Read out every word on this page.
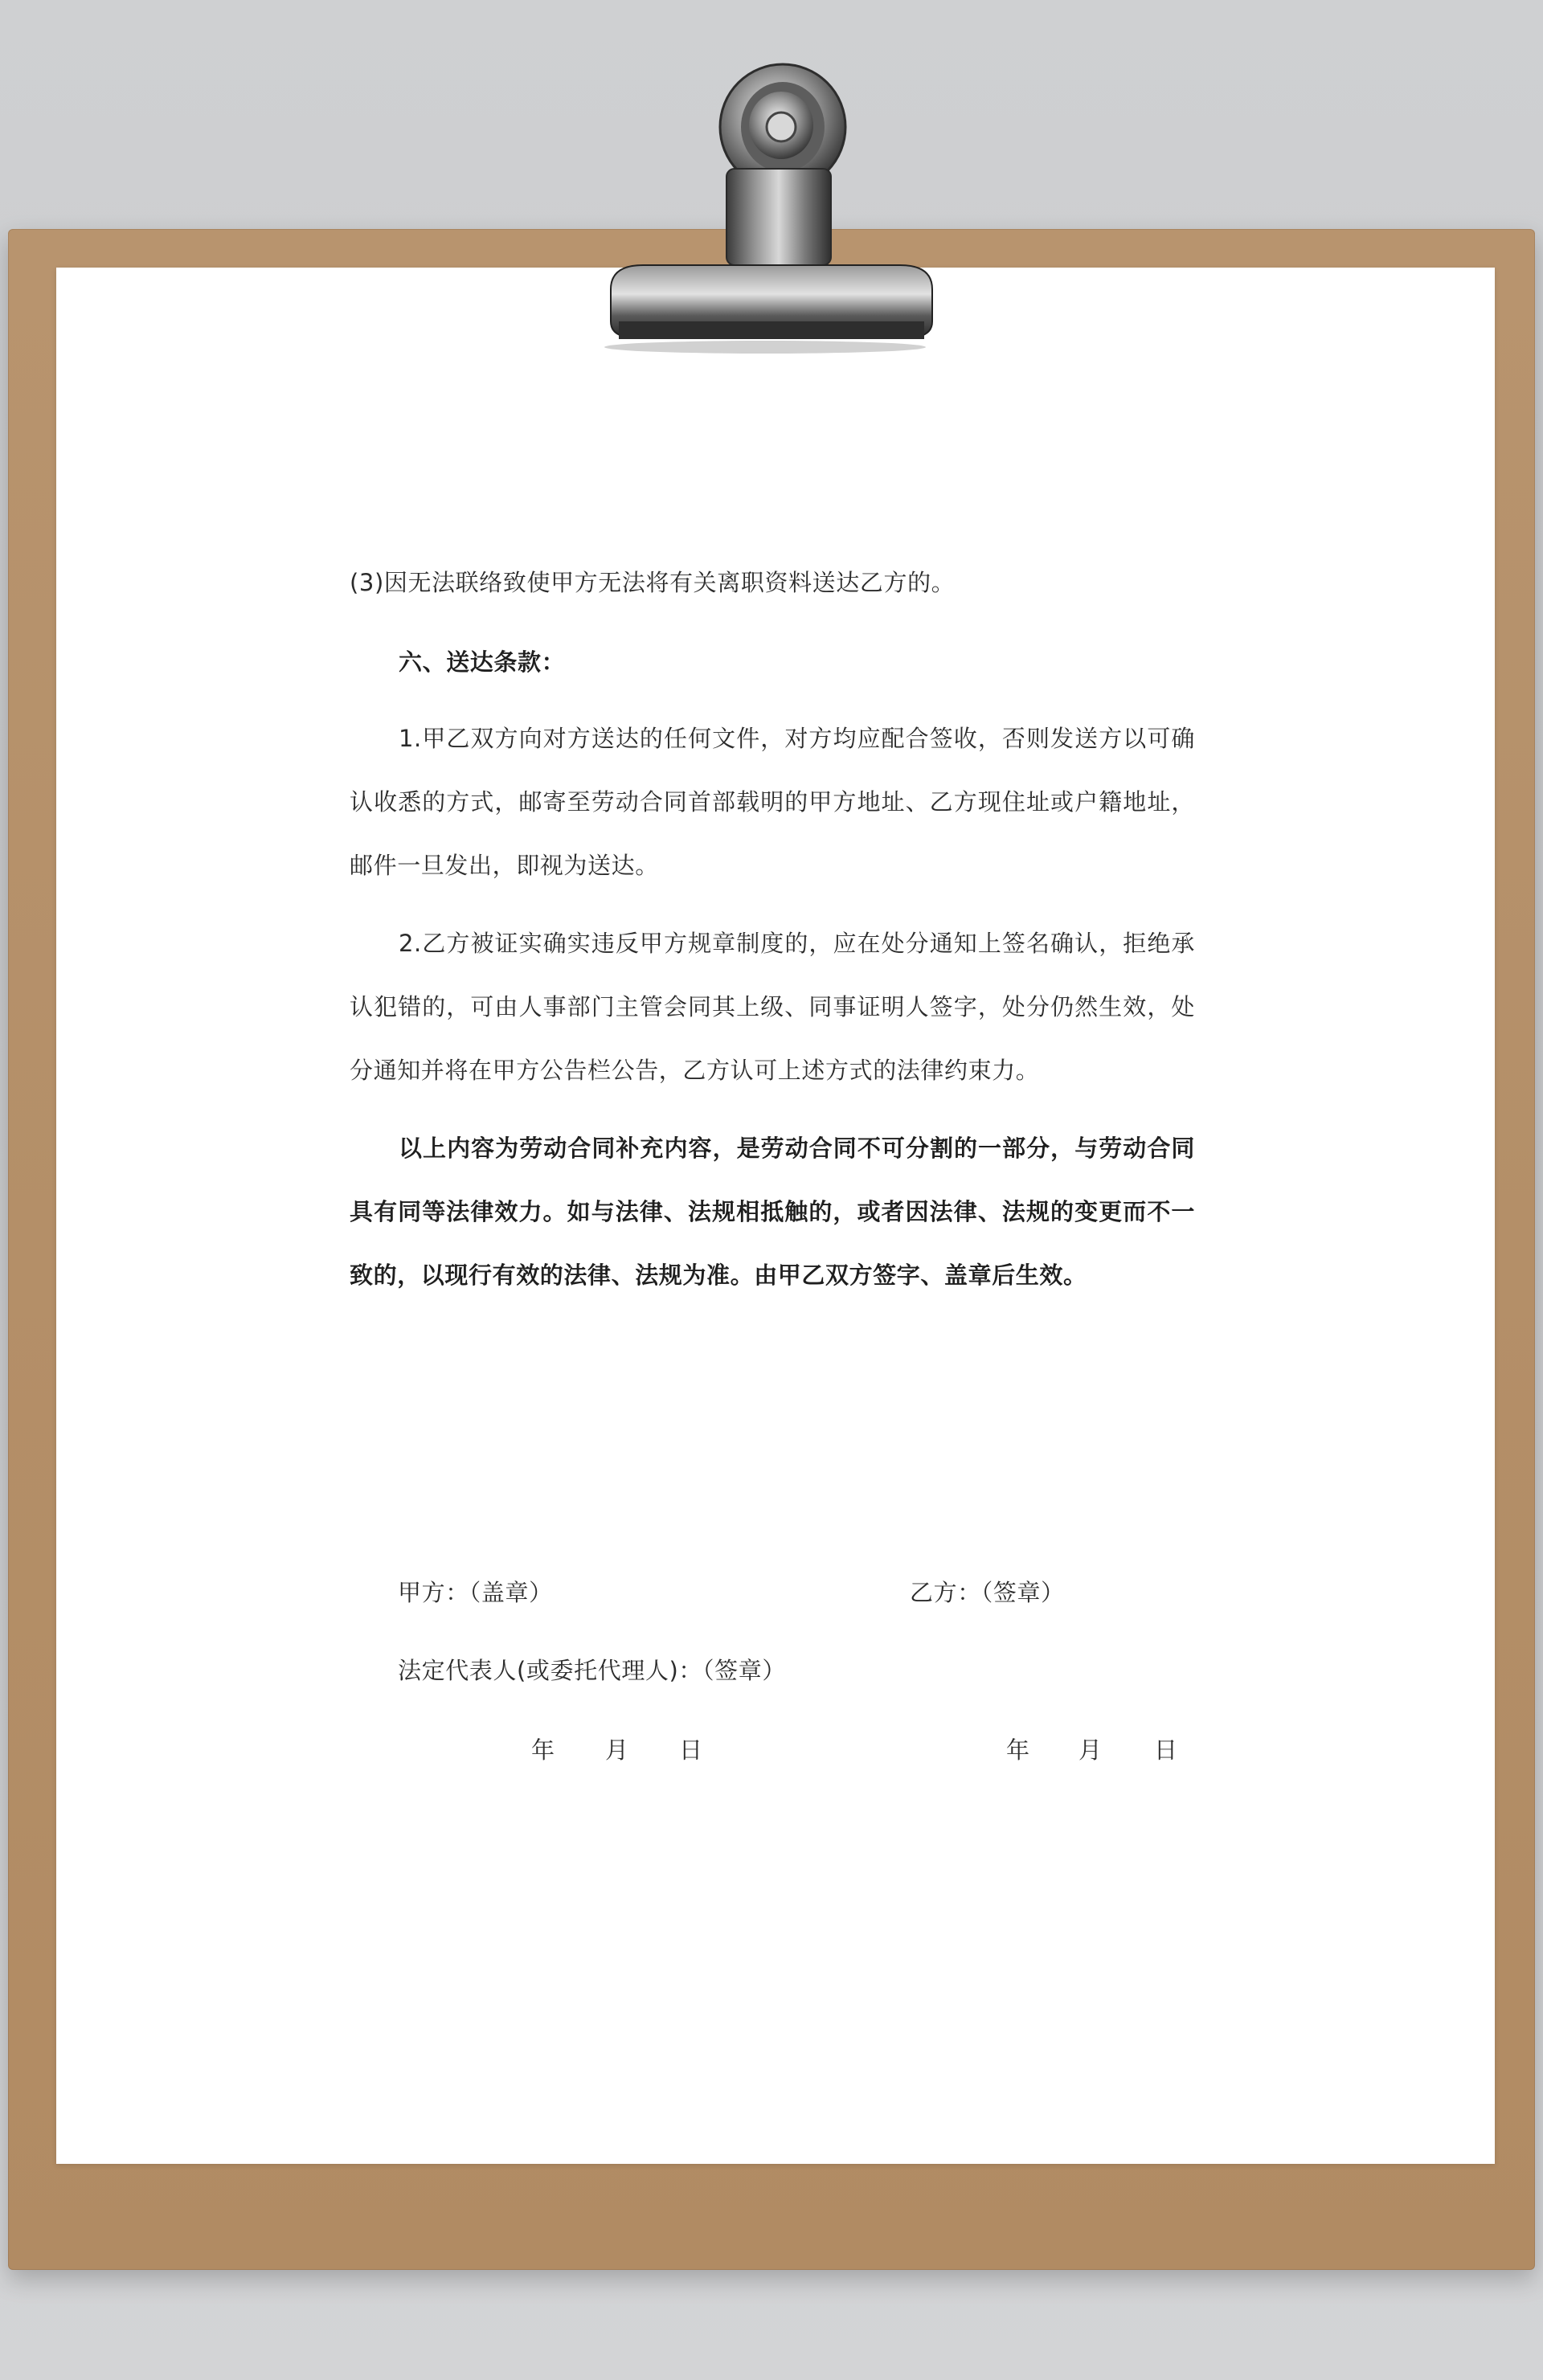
(3)因无法联络致使甲方无法将有关离职资料送达乙方的。
六、送达条款：
1.甲乙双方向对方送达的任何文件，对方均应配合签收，否则发送方以可确认收悉的方式，邮寄至劳动合同首部载明的甲方地址、乙方现住址或户籍地址，邮件一旦发出，即视为送达。
2.乙方被证实确实违反甲方规章制度的，应在处分通知上签名确认，拒绝承认犯错的，可由人事部门主管会同其上级、同事证明人签字，处分仍然生效，处分通知并将在甲方公告栏公告，乙方认可上述方式的法律约束力。
以上内容为劳动合同补充内容，是劳动合同不可分割的一部分，与劳动合同具有同等法律效力。如与法律、法规相抵触的，或者因法律、法规的变更而不一致的，以现行有效的法律、法规为准。由甲乙双方签字、盖章后生效。
甲方：（盖章）	乙方：（签章）
法定代表人(或委托代理人)：（签章）
年 月 日	年 月 日
